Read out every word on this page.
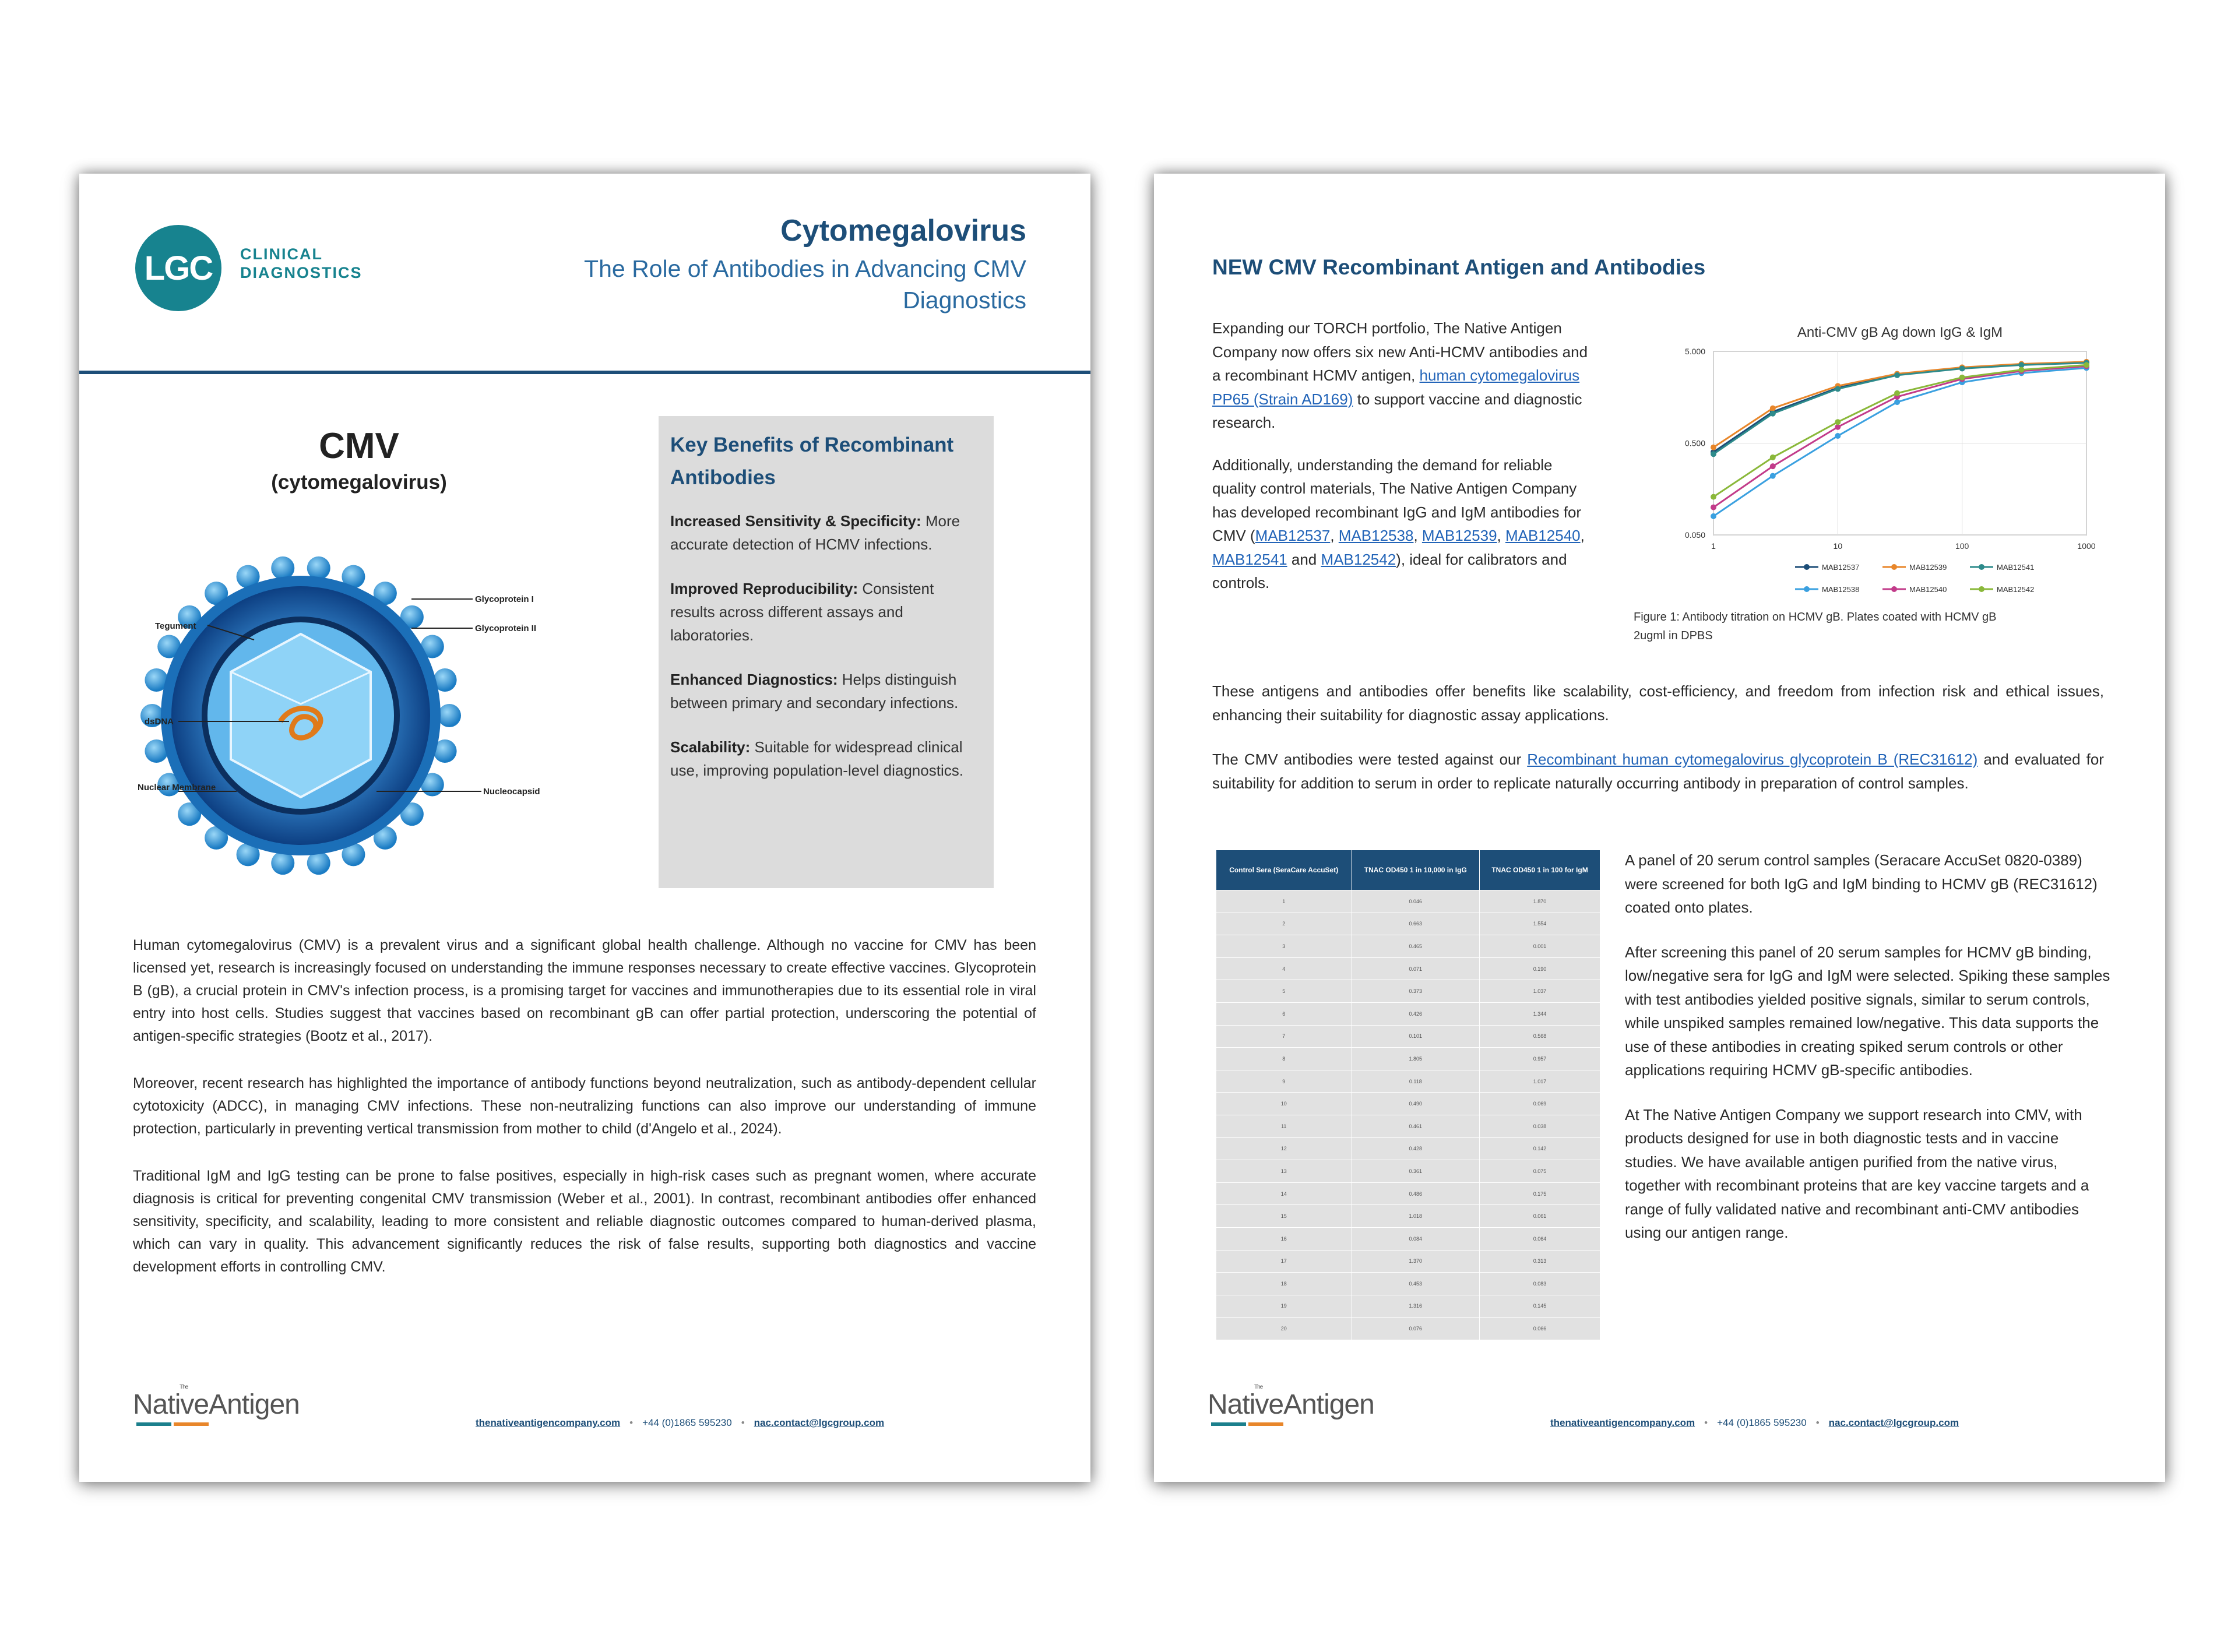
LGC CLINICAL
DIAGNOSTICS
Cytomegalovirus
The Role of Antibodies in Advancing CMV Diagnostics
CMV
(cytomegalovirus)
Glycoprotein I
Glycoprotein II
Tegument
dsDNA
Nuclear Membrane	Nucleocapsid
Key Benefits of Recombinant Antibodies
Increased Sensitivity & Specificity: More accurate detection of HCMV infections.
Improved Reproducibility: Consistent results across different assays and laboratories.
Enhanced Diagnostics: Helps distinguish between primary and secondary infections.
Scalability: Suitable for widespread clinical use, improving population-level diagnostics.

Human cytomegalovirus (CMV) is a prevalent virus and a significant global health challenge. Although no vaccine for CMV has been licensed yet, research is increasingly focused on understanding the immune responses necessary to create effective vaccines. Glycoprotein B (gB), a crucial protein in CMV's infection process, is a promising target for vaccines and immunotherapies due to its essential role in viral entry into host cells. Studies suggest that vaccines based on recombinant gB can offer partial protection, underscoring the potential of antigen-specific strategies (Bootz et al., 2017).

Moreover, recent research has highlighted the importance of antibody functions beyond neutralization, such as antibody-dependent cellular cytotoxicity (ADCC), in managing CMV infections. These non-neutralizing functions can also improve our understanding of immune protection, particularly in preventing vertical transmission from mother to child (d'Angelo et al., 2024).

Traditional IgM and IgG testing can be prone to false positives, especially in high-risk cases such as pregnant women, where accurate diagnosis is critical for preventing congenital CMV transmission (Weber et al., 2001). In contrast, recombinant antibodies offer enhanced sensitivity, specificity, and scalability, leading to more consistent and reliable diagnostic outcomes compared to human-derived plasma, which can vary in quality. This advancement significantly reduces the risk of false results, supporting both diagnostics and vaccine development efforts in controlling CMV.

The
NativeAntigen
thenativeantigencompany.com • +44 (0)1865 595230 • nac.contact@lgcgroup.com
NEW CMV Recombinant Antigen and Antibodies

Expanding our TORCH portfolio, The Native Antigen Company now offers six new Anti-HCMV antibodies and a recombinant HCMV antigen, human cytomegalovirus PP65 (Strain AD169) to support vaccine and diagnostic research.

Additionally, understanding the demand for reliable quality control materials, The Native Antigen Company has developed recombinant IgG and IgM antibodies for CMV (MAB12537, MAB12538, MAB12539, MAB12540, MAB12541 and MAB12542), ideal for calibrators and controls.

Anti-CMV gB Ag down IgG & IgM
1	10	100	1000
0.050
0.500
5.000
MAB12537	MAB12539	MAB12541
MAB12538	MAB12540	MAB12542
Figure 1: Antibody titration on HCMV gB. Plates coated with HCMV gB 2ugml in DPBS

These antigens and antibodies offer benefits like scalability, cost-efficiency, and freedom from infection risk and ethical issues, enhancing their suitability for diagnostic assay applications.

The CMV antibodies were tested against our Recombinant human cytomegalovirus glycoprotein B (REC31612) and evaluated for suitability for addition to serum in order to replicate naturally occurring antibody in preparation of control samples.

Control Sera (SeraCare AccuSet)	TNAC OD450 1 in 10,000 in IgG	TNAC OD450 1 in 100 for IgM
1	0.046	1.870
2	0.663	1.554
3	0.465	0.001
4	0.071	0.190
5	0.373	1.037
6	0.426	1.344
7	0.101	0.568
8	1.805	0.957
9	0.118	1.017
10	0.490	0.069
11	0.461	0.038
12	0.428	0.142
13	0.361	0.075
14	0.486	0.175
15	1.018	0.061
16	0.084	0.064
17	1.370	0.313
18	0.453	0.083
19	1.316	0.145
20	0.076	0.066

A panel of 20 serum control samples (Seracare AccuSet 0820-0389) were screened for both IgG and IgM binding to HCMV gB (REC31612) coated onto plates.

After screening this panel of 20 serum samples for HCMV gB binding, low/negative sera for IgG and IgM were selected. Spiking these samples with test antibodies yielded positive signals, similar to serum controls, while unspiked samples remained low/negative. This data supports the use of these antibodies in creating spiked serum controls or other applications requiring HCMV gB-specific antibodies.

At The Native Antigen Company we support research into CMV, with products designed for use in both diagnostic tests and in vaccine studies. We have available antigen purified from the native virus, together with recombinant proteins that are key vaccine targets and a range of fully validated native and recombinant anti-CMV antibodies using our antigen range.

The
NativeAntigen
thenativeantigencompany.com • +44 (0)1865 595230 • nac.contact@lgcgroup.com
